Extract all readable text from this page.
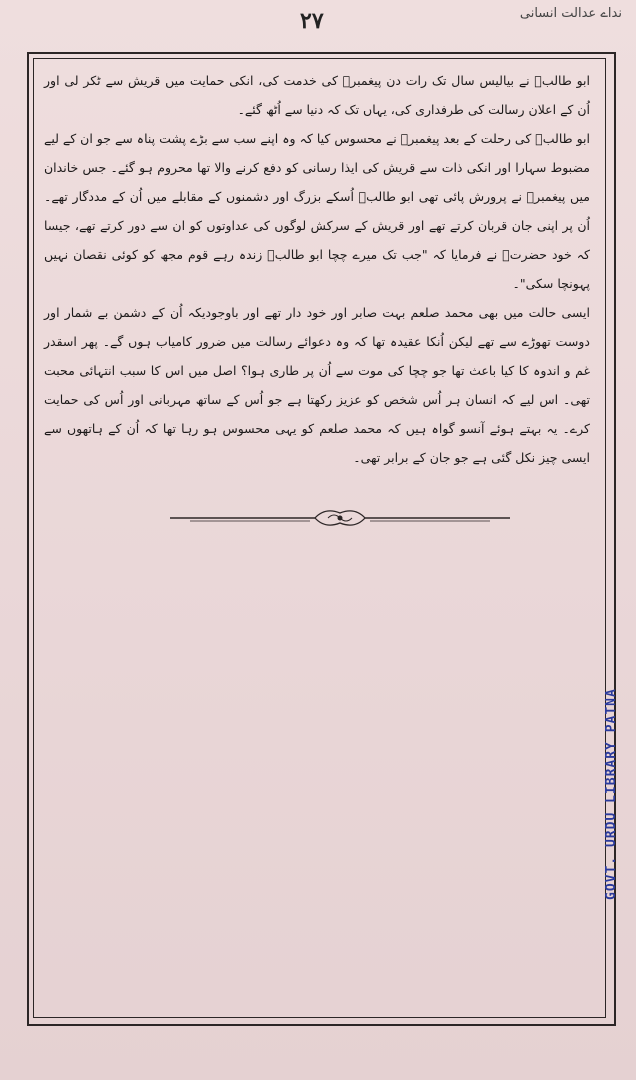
نداے عدالت انسانی
۲۷

ابو طالبؑ نے بیالیس سال تک رات دن پیغمبرؐ کی خدمت کی، انکی حمایت میں قریش سے ٹکر لی اور اُن کے اعلان رسالت کی طرفداری کی، یہاں تک کہ دنیا سے اُٹھ گئے۔

ابو طالبؑ کی رحلت کے بعد پیغمبرؐ نے محسوس کیا کہ وہ اپنے سب سے بڑے پشت پناہ سے جو ان کے لیے مضبوط سہارا اور انکی ذات سے قریش کی ایذا رسانی کو دفع کرنے والا تھا محروم ہو گئے۔ جس خاندان میں پیغمبرؐ نے پرورش پائی تھی ابو طالبؑ اُسکے بزرگ اور دشمنوں کے مقابلے میں اُن کے مددگار تھے۔ اُن پر اپنی جان قربان کرتے تھے اور قریش کے سرکش لوگوں کی عداوتوں کو ان سے دور کرتے تھے، جیسا کہ خود حضرتؐ نے فرمایا کہ "جب تک میرے چچا ابو طالبؑ زندہ رہے قوم مجھ کو کوئی نقصان نہیں پہونچا سکی"۔

ایسی حالت میں بھی محمد صلعم بہت صابر اور خود دار تھے اور باوجودیکہ اُن کے دشمن بے شمار اور دوست تھوڑے سے تھے لیکن اُنکا عقیدہ تھا کہ وہ دعوائے رسالت میں ضرور کامیاب ہوں گے۔ پھر اسقدر غم و اندوہ کا کیا باعث تھا جو چچا کی موت سے اُن پر طاری ہوا؟ اصل میں اس کا سبب انتہائی محبت تھی۔ اس لیے کہ انسان ہر اُس شخص کو عزیز رکھتا ہے جو اُس کے ساتھ مہربانی اور اُس کی حمایت کرے۔ یہ بہتے ہوئے آنسو گواہ ہیں کہ محمد صلعم کو یہی محسوس ہو رہا تھا کہ اُن کے ہاتھوں سے ایسی چیز نکل گئی ہے جو جان کے برابر تھی۔

GOVT. URDU LIBRARY PATNA
